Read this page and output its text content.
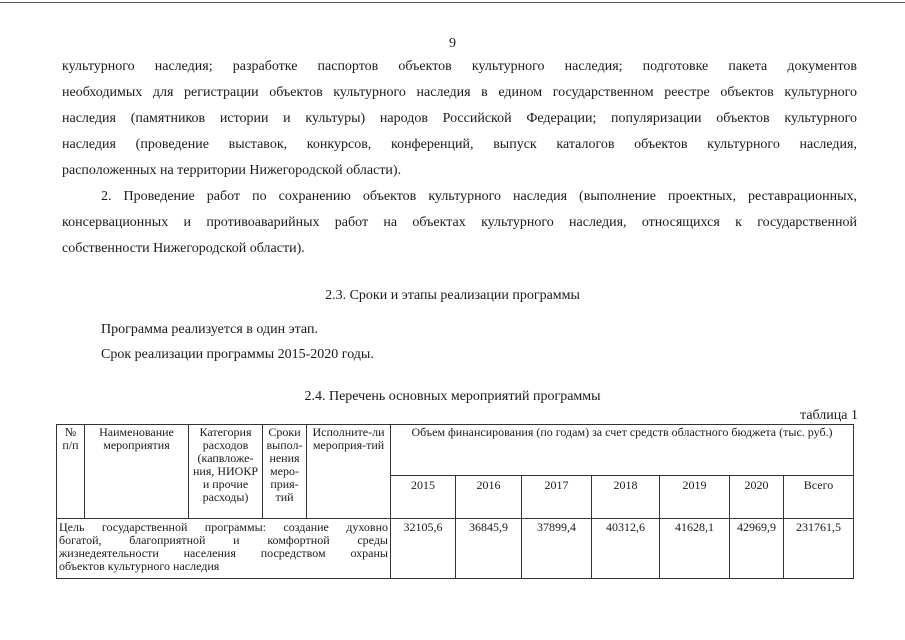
9
культурного наследия; разработке паспортов объектов культурного наследия; подготовке пакета документов
необходимых для регистрации объектов культурного наследия в едином государственном реестре объектов культурного
наследия (памятников истории и культуры) народов Российской Федерации; популяризации объектов культурного
наследия (проведение выставок, конкурсов, конференций, выпуск каталогов объектов культурного наследия,
расположенных на территории Нижегородской области).
2. Проведение работ по сохранению объектов культурного наследия (выполнение проектных, реставрационных,
консервационных и противоаварийных работ на объектах культурного наследия, относящихся к государственной
собственности Нижегородской области).
2.3. Сроки и этапы реализации программы
Программа реализуется в один этап.
Срок реализации программы 2015-2020 годы.
2.4. Перечень основных мероприятий программы
таблица 1
№ п/п	Наименование мероприятия	Категория расходов (капвложе-ния, НИОКР и прочие расходы)	Сроки выпол-нения меро-прия-тий	Исполните-ли мероприя-тий	Объем финансирования (по годам) за счет средств областного бюджета (тыс. руб.)						
					2015	2016	2017	2018	2019	2020	Всего

Цель государственной программы: создание духовно
богатой, благоприятной и комфортной среды
жизнедеятельности населения посредством охраны
объектов культурного наследия					32105,6	36845,9	37899,4	40312,6	41628,1	42969,9	231761,5
